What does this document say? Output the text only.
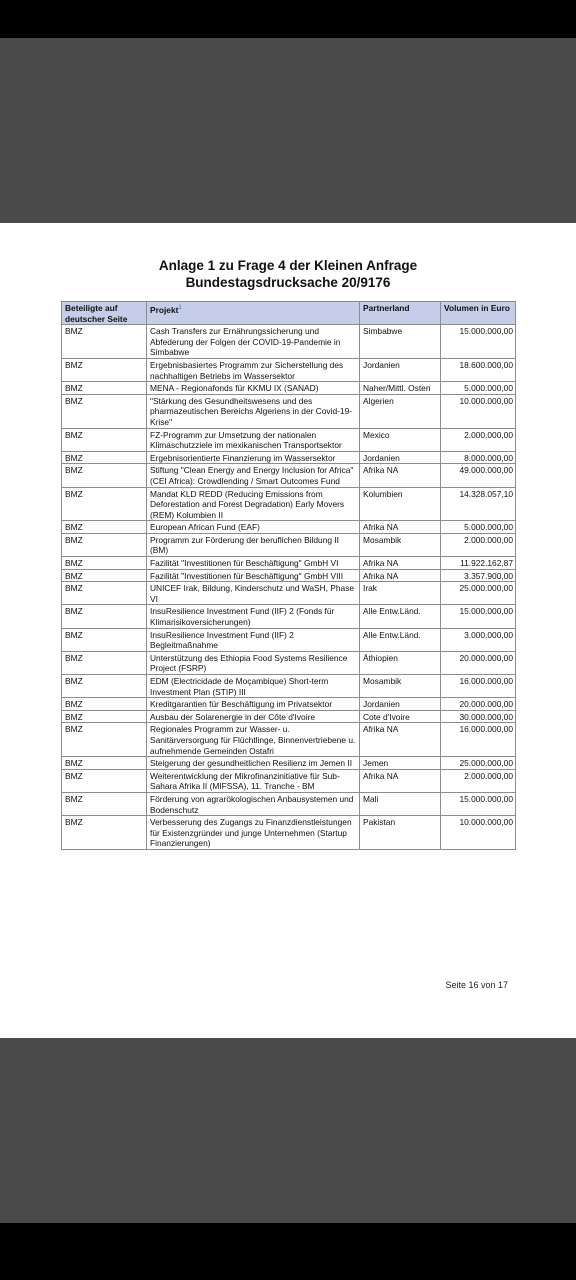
Anlage 1 zu Frage 4 der Kleinen Anfrage
Bundestagsdrucksache 20/9176
Beteiligte auf deutscher Seite	Projekt$^1$	Partnerland	Volumen in Euro
BMZ	Cash Transfers zur Ernährungssicherung und Abfederung der Folgen der COVID-19-Pandemie in Simbabwe	Simbabwe	15.000.000,00
BMZ	Ergebnisbasiertes Programm zur Sicherstellung des nachhaltigen Betriebs im Wassersektor	Jordanien	18.600.000,00
BMZ	MENA - Regionafonds für KKMU IX (SANAD)	Naher/Mittl. Osten	5.000.000,00
BMZ	"Stärkung des Gesundheitswesens und des pharmazeutischen Bereichs Algeriens in der Covid-19-Krise"	Algerien	10.000.000,00
BMZ	FZ-Programm zur Umsetzung der nationalen Klimaschutzziele im mexikanischen Transportsektor	Mexico	2.000.000,00
BMZ	Ergebnisorientierte Finanzierung im Wassersektor	Jordanien	8.000.000,00
BMZ	Stiftung "Clean Energy and Energy Inclusion for Africa" (CEI Africa): Crowdlending / Smart Outcomes Fund	Afrika NA	49.000.000,00
BMZ	Mandat KLD REDD (Reducing Emissions from Deforestation and Forest Degradation) Early Movers (REM) Kolumbien II	Kolumbien	14.328.057,10
BMZ	European African Fund (EAF)	Afrika NA	5.000.000,00
BMZ	Programm zur Förderung der beruflichen Bildung II (BM)	Mosambik	2.000.000,00
BMZ	Fazilität "Investitionen für Beschäftigung" GmbH VI	Afrika NA	11.922.162,87
BMZ	Fazilität "Investitionen für Beschäftigung" GmbH VIII	Afrika NA	3.357.900,00
BMZ	UNICEF Irak, Bildung, Kinderschutz und WaSH, Phase VI	Irak	25.000.000,00
BMZ	InsuResilience Investment Fund (IIF) 2 (Fonds für Klimarisikoversicherungen)	Alle Entw.Länd.	15.000.000,00
BMZ	InsuResilience Investment Fund (IIF) 2 Begleitmaßnahme	Alle Entw.Länd.	3.000.000,00
BMZ	Unterstützung des Ethiopia Food Systems Resilience Project (FSRP)	Äthiopien	20.000.000,00
BMZ	EDM (Electricidade de Moçambique) Short-term Investment Plan (STIP) III	Mosambik	16.000.000,00
BMZ	Kreditgarantien für Beschäftigung im Privatsektor	Jordanien	20.000.000,00
BMZ	Ausbau der Solarenergie in der Côte d'Ivoire	Cote d'Ivoire	30.000.000,00
BMZ	Regionales Programm zur Wasser- u. Sanitärversorgung für Flüchtlinge, Binnenvertriebene u. aufnehmende Gemeinden Ostafri	Afrika NA	16.000.000,00
BMZ	Steigerung der gesundheitlichen Resilienz im Jemen II	Jemen	25.000.000,00
BMZ	Weiterentwicklung der Mikrofinanzinitiative für Sub-Sahara Afrika II (MIFSSA), 11. Tranche - BM	Afrika NA	2.000.000,00
BMZ	Förderung von agrarökologischen Anbausystemen und Bodenschutz	Mali	15.000.000,00
BMZ	Verbesserung des Zugangs zu Finanzdienstleistungen für Existenzgründer und junge Unternehmen (Startup Finanzierungen)	Pakistan	10.000.000,00
Seite 16 von 17
